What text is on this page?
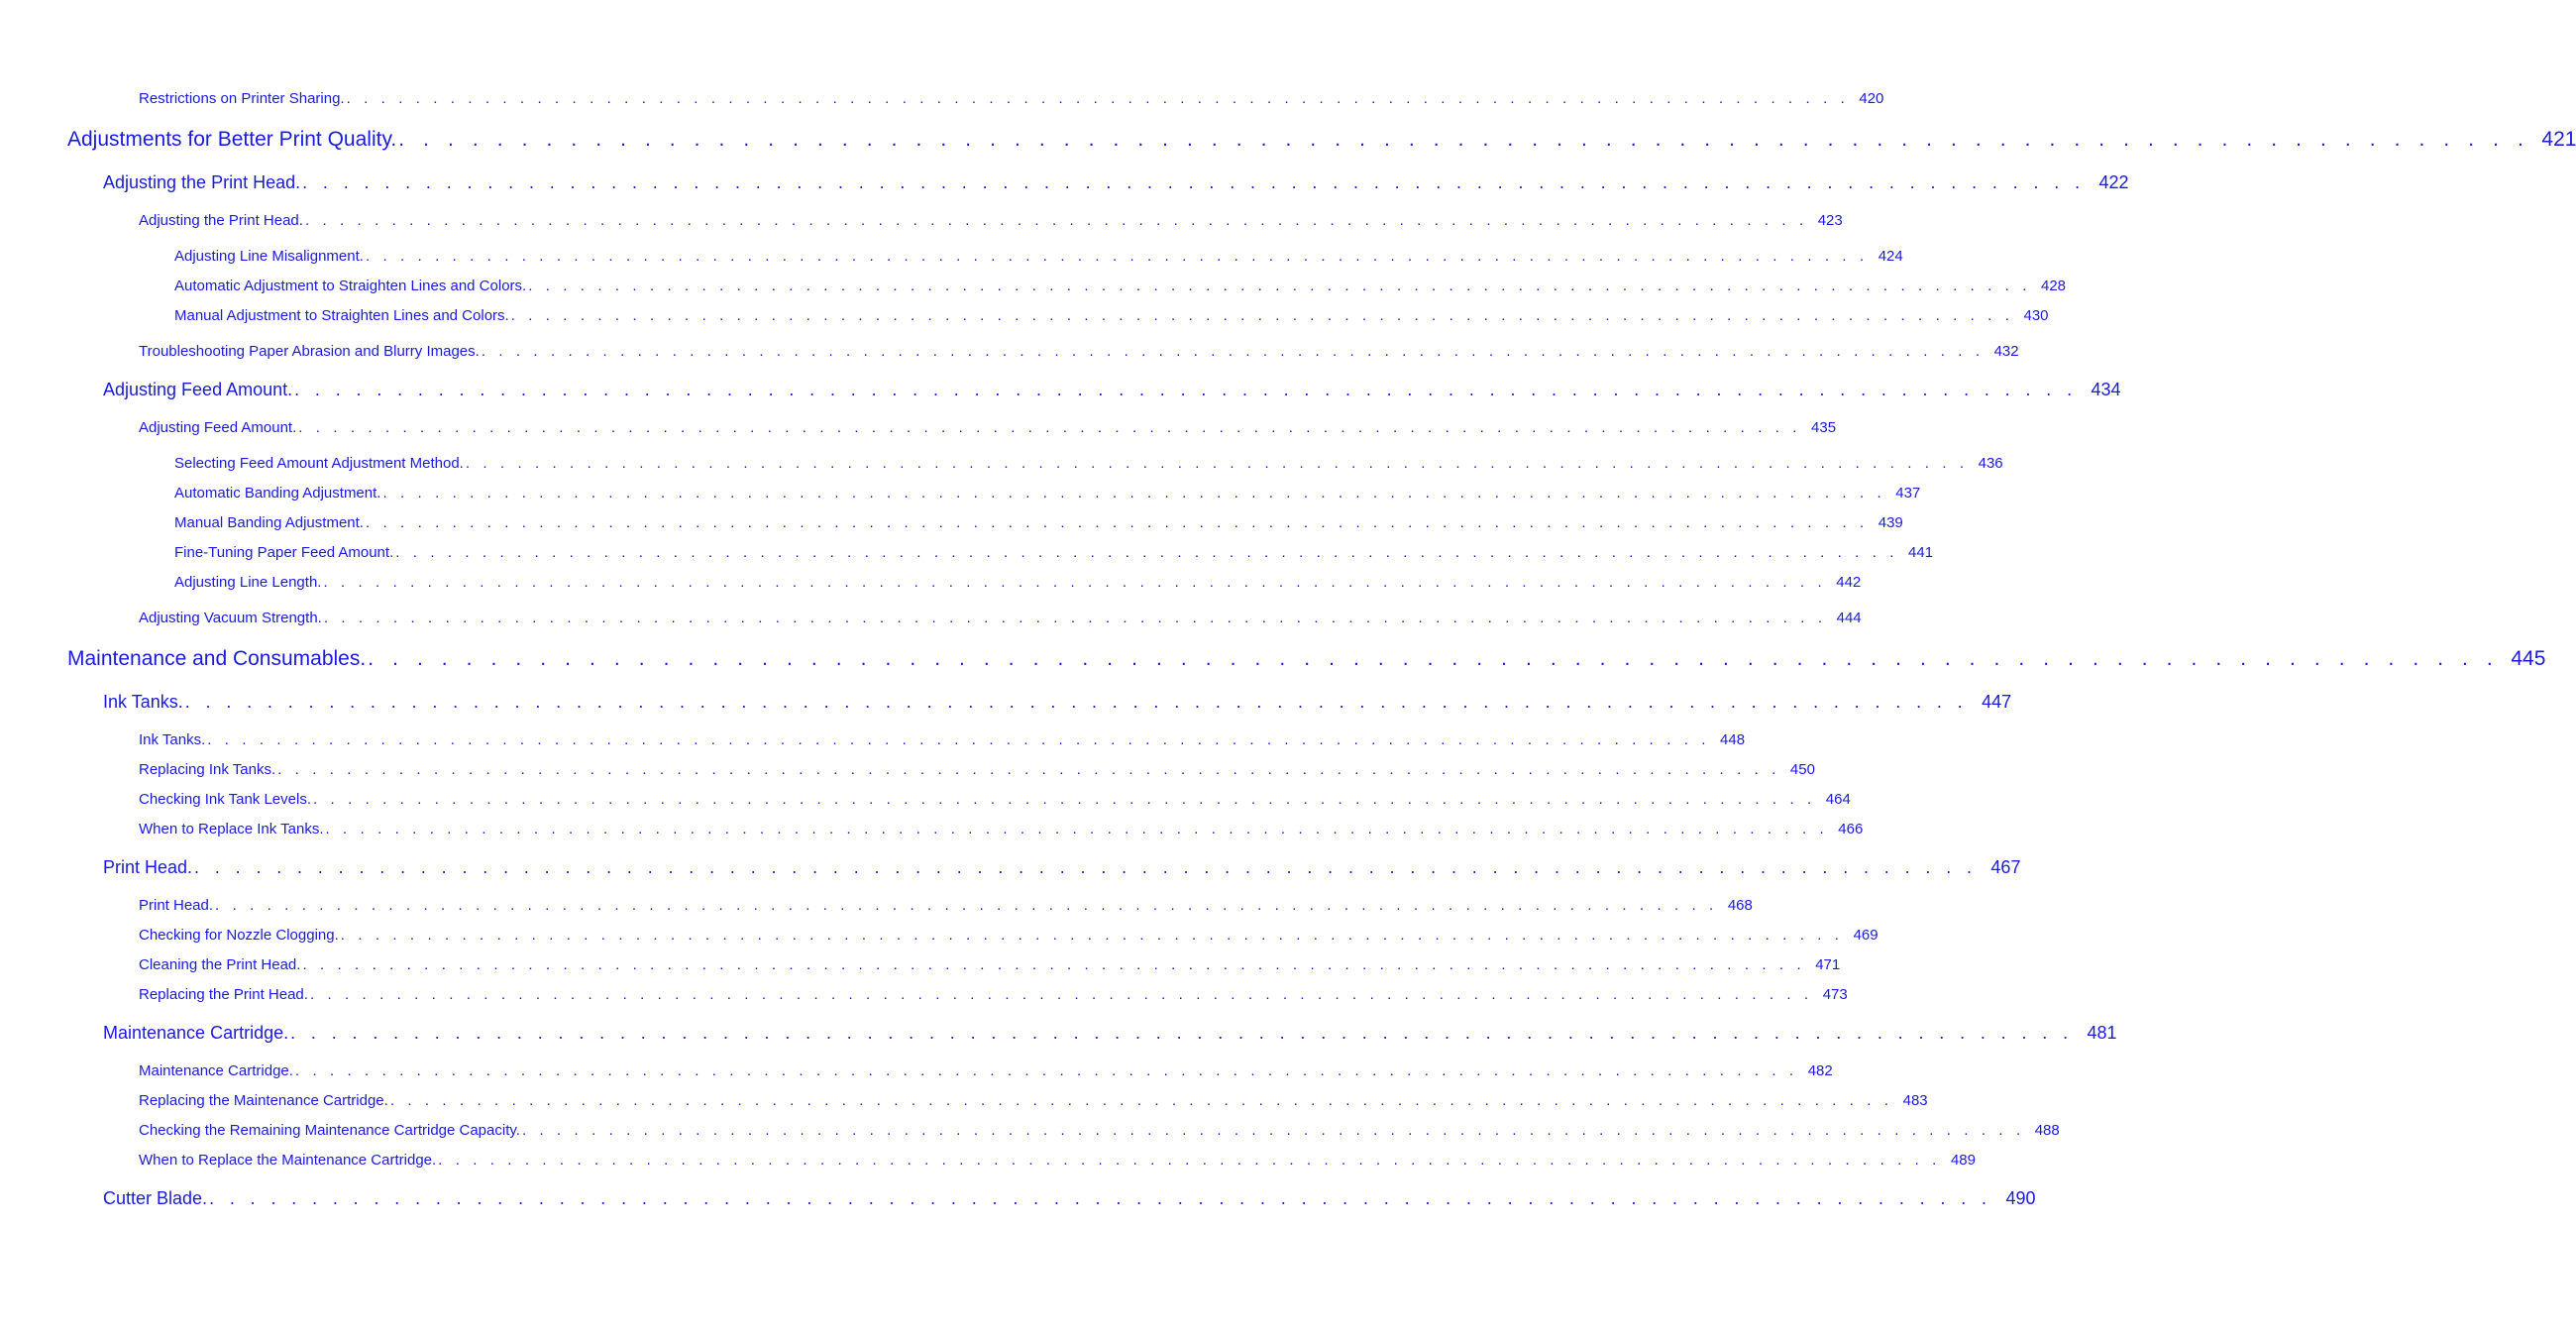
Restrictions on Printer Sharing. . . . . . . . . . . . . . . . . . . . . . . . . . . . . . . . . . . . . . . . . . . . . . . . . . . . . . . . . . . . . . . . . . . . . . . . . . . . . . . . . . . . . . . . 420
Adjustments for Better Print Quality. . . . . . . . . . . . . . . . . . . . . . . . . . . . . . . . . . . . . . . . . . . . . . . . . . . . . . . . . . . . . . . . . . . . . . . . . . . . . . . . . . . . . . . . 421
Adjusting the Print Head. . . . . . . . . . . . . . . . . . . . . . . . . . . . . . . . . . . . . . . . . . . . . . . . . . . . . . . . . . . . . . . . . . . . . . . . . . . . . . . . . . . . . . . . 422
Adjusting the Print Head. . . . . . . . . . . . . . . . . . . . . . . . . . . . . . . . . . . . . . . . . . . . . . . . . . . . . . . . . . . . . . . . . . . . . . . . . . . . . . . . . . . . . . . . 423
Adjusting Line Misalignment. . . . . . . . . . . . . . . . . . . . . . . . . . . . . . . . . . . . . . . . . . . . . . . . . . . . . . . . . . . . . . . . . . . . . . . . . . . . . . . . . . . . . . . . 424
Automatic Adjustment to Straighten Lines and Colors. . . . . . . . . . . . . . . . . . . . . . . . . . . . . . . . . . . . . . . . . . . . . . . . . . . . . . . . . . . . . . . . . . . . . . . . . . . . . . . . . . . . . . . . 428
Manual Adjustment to Straighten Lines and Colors. . . . . . . . . . . . . . . . . . . . . . . . . . . . . . . . . . . . . . . . . . . . . . . . . . . . . . . . . . . . . . . . . . . . . . . . . . . . . . . . . . . . . . . . 430
Troubleshooting Paper Abrasion and Blurry Images. . . . . . . . . . . . . . . . . . . . . . . . . . . . . . . . . . . . . . . . . . . . . . . . . . . . . . . . . . . . . . . . . . . . . . . . . . . . . . . . . . . . . . . . 432
Adjusting Feed Amount. . . . . . . . . . . . . . . . . . . . . . . . . . . . . . . . . . . . . . . . . . . . . . . . . . . . . . . . . . . . . . . . . . . . . . . . . . . . . . . . . . . . . . . . 434
Adjusting Feed Amount. . . . . . . . . . . . . . . . . . . . . . . . . . . . . . . . . . . . . . . . . . . . . . . . . . . . . . . . . . . . . . . . . . . . . . . . . . . . . . . . . . . . . . . . 435
Selecting Feed Amount Adjustment Method. . . . . . . . . . . . . . . . . . . . . . . . . . . . . . . . . . . . . . . . . . . . . . . . . . . . . . . . . . . . . . . . . . . . . . . . . . . . . . . . . . . . . . . . 436
Automatic Banding Adjustment. . . . . . . . . . . . . . . . . . . . . . . . . . . . . . . . . . . . . . . . . . . . . . . . . . . . . . . . . . . . . . . . . . . . . . . . . . . . . . . . . . . . . . . . 437
Manual Banding Adjustment. . . . . . . . . . . . . . . . . . . . . . . . . . . . . . . . . . . . . . . . . . . . . . . . . . . . . . . . . . . . . . . . . . . . . . . . . . . . . . . . . . . . . . . . 439
Fine-Tuning Paper Feed Amount. . . . . . . . . . . . . . . . . . . . . . . . . . . . . . . . . . . . . . . . . . . . . . . . . . . . . . . . . . . . . . . . . . . . . . . . . . . . . . . . . . . . . . . . 441
Adjusting Line Length. . . . . . . . . . . . . . . . . . . . . . . . . . . . . . . . . . . . . . . . . . . . . . . . . . . . . . . . . . . . . . . . . . . . . . . . . . . . . . . . . . . . . . . . 442
Adjusting Vacuum Strength. . . . . . . . . . . . . . . . . . . . . . . . . . . . . . . . . . . . . . . . . . . . . . . . . . . . . . . . . . . . . . . . . . . . . . . . . . . . . . . . . . . . . . . . 444
Maintenance and Consumables. . . . . . . . . . . . . . . . . . . . . . . . . . . . . . . . . . . . . . . . . . . . . . . . . . . . . . . . . . . . . . . . . . . . . . . . . . . . . . . . . . . . . . . . 445
Ink Tanks. . . . . . . . . . . . . . . . . . . . . . . . . . . . . . . . . . . . . . . . . . . . . . . . . . . . . . . . . . . . . . . . . . . . . . . . . . . . . . . . . . . . . . . . 447
Ink Tanks. . . . . . . . . . . . . . . . . . . . . . . . . . . . . . . . . . . . . . . . . . . . . . . . . . . . . . . . . . . . . . . . . . . . . . . . . . . . . . . . . . . . . . . . 448
Replacing Ink Tanks. . . . . . . . . . . . . . . . . . . . . . . . . . . . . . . . . . . . . . . . . . . . . . . . . . . . . . . . . . . . . . . . . . . . . . . . . . . . . . . . . . . . . . . . 450
Checking Ink Tank Levels. . . . . . . . . . . . . . . . . . . . . . . . . . . . . . . . . . . . . . . . . . . . . . . . . . . . . . . . . . . . . . . . . . . . . . . . . . . . . . . . . . . . . . . . 464
When to Replace Ink Tanks. . . . . . . . . . . . . . . . . . . . . . . . . . . . . . . . . . . . . . . . . . . . . . . . . . . . . . . . . . . . . . . . . . . . . . . . . . . . . . . . . . . . . . . . 466
Print Head. . . . . . . . . . . . . . . . . . . . . . . . . . . . . . . . . . . . . . . . . . . . . . . . . . . . . . . . . . . . . . . . . . . . . . . . . . . . . . . . . . . . . . . . 467
Print Head. . . . . . . . . . . . . . . . . . . . . . . . . . . . . . . . . . . . . . . . . . . . . . . . . . . . . . . . . . . . . . . . . . . . . . . . . . . . . . . . . . . . . . . . 468
Checking for Nozzle Clogging. . . . . . . . . . . . . . . . . . . . . . . . . . . . . . . . . . . . . . . . . . . . . . . . . . . . . . . . . . . . . . . . . . . . . . . . . . . . . . . . . . . . . . . . 469
Cleaning the Print Head. . . . . . . . . . . . . . . . . . . . . . . . . . . . . . . . . . . . . . . . . . . . . . . . . . . . . . . . . . . . . . . . . . . . . . . . . . . . . . . . . . . . . . . . 471
Replacing the Print Head. . . . . . . . . . . . . . . . . . . . . . . . . . . . . . . . . . . . . . . . . . . . . . . . . . . . . . . . . . . . . . . . . . . . . . . . . . . . . . . . . . . . . . . . 473
Maintenance Cartridge. . . . . . . . . . . . . . . . . . . . . . . . . . . . . . . . . . . . . . . . . . . . . . . . . . . . . . . . . . . . . . . . . . . . . . . . . . . . . . . . . . . . . . . . 481
Maintenance Cartridge. . . . . . . . . . . . . . . . . . . . . . . . . . . . . . . . . . . . . . . . . . . . . . . . . . . . . . . . . . . . . . . . . . . . . . . . . . . . . . . . . . . . . . . . 482
Replacing the Maintenance Cartridge. . . . . . . . . . . . . . . . . . . . . . . . . . . . . . . . . . . . . . . . . . . . . . . . . . . . . . . . . . . . . . . . . . . . . . . . . . . . . . . . . . . . . . . . 483
Checking the Remaining Maintenance Cartridge Capacity. . . . . . . . . . . . . . . . . . . . . . . . . . . . . . . . . . . . . . . . . . . . . . . . . . . . . . . . . . . . . . . . . . . . . . . . . . . . . . . . . . . . . . . . 488
When to Replace the Maintenance Cartridge. . . . . . . . . . . . . . . . . . . . . . . . . . . . . . . . . . . . . . . . . . . . . . . . . . . . . . . . . . . . . . . . . . . . . . . . . . . . . . . . . . . . . . . . 489
Cutter Blade. . . . . . . . . . . . . . . . . . . . . . . . . . . . . . . . . . . . . . . . . . . . . . . . . . . . . . . . . . . . . . . . . . . . . . . . . . . . . . . . . . . . . . . . 490
